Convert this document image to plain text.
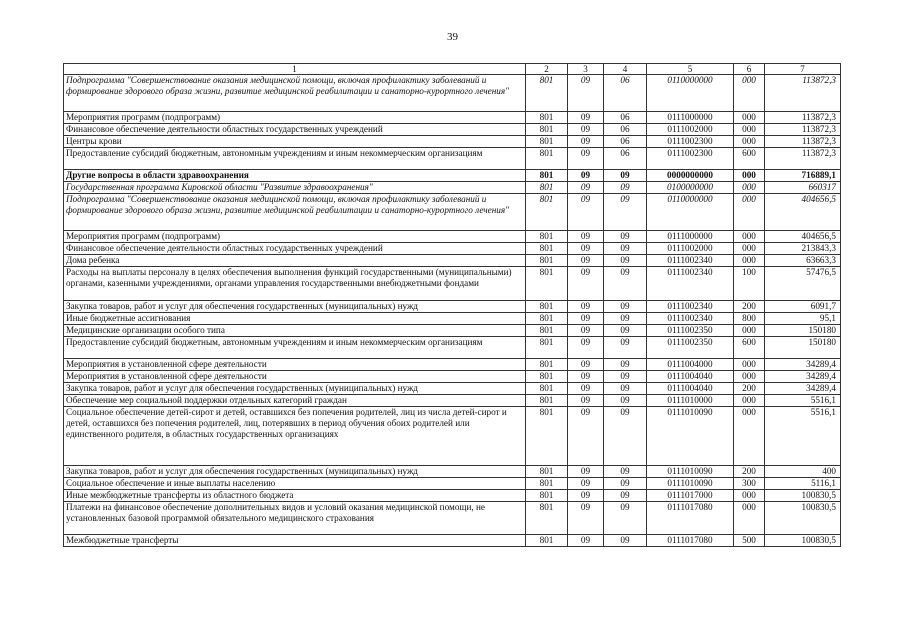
39
1	2	3	4	5	6	7
Подпрограмма "Совершенствование оказания медицинской помощи, включая профилактику заболеваний и формирование здорового образа жизни, развитие медицинской реабилитации и санаторно-курортного лечения"	801	09	06	0110000000	000	113872,3
Мероприятия программ (подпрограмм)	801	09	06	0111000000	000	113872,3
Финансовое обеспечение деятельности областных государственных учреждений	801	09	06	0111002000	000	113872,3
Центры крови	801	09	06	0111002300	000	113872,3
Предоставление субсидий бюджетным, автономным учреждениям и иным некоммерческим организациям	801	09	06	0111002300	600	113872,3
Другие вопросы в области здравоохранения	801	09	09	0000000000	000	716889,1
Государственная программа Кировской области "Развитие здравоохранения"	801	09	09	0100000000	000	660317
Подпрограмма "Совершенствование оказания медицинской помощи, включая профилактику заболеваний и формирование здорового образа жизни, развитие медицинской реабилитации и санаторно-курортного лечения"	801	09	09	0110000000	000	404656,5
Мероприятия программ (подпрограмм)	801	09	09	0111000000	000	404656,5
Финансовое обеспечение деятельности областных государственных учреждений	801	09	09	0111002000	000	213843,3
Дома ребенка	801	09	09	0111002340	000	63663,3
Расходы на выплаты персоналу в целях обеспечения выполнения функций государственными (муниципальными) органами, казенными учреждениями, органами управления государственными внебюджетными фондами	801	09	09	0111002340	100	57476,5
Закупка товаров, работ и услуг для обеспечения государственных (муниципальных) нужд	801	09	09	0111002340	200	6091,7
Иные бюджетные ассигнования	801	09	09	0111002340	800	95,1
Медицинские организации особого типа	801	09	09	0111002350	000	150180
Предоставление субсидий бюджетным, автономным учреждениям и иным некоммерческим организациям	801	09	09	0111002350	600	150180
Мероприятия в установленной сфере деятельности	801	09	09	0111004000	000	34289,4
Мероприятия в установленной сфере деятельности	801	09	09	0111004040	000	34289,4
Закупка товаров, работ и услуг для обеспечения государственных (муниципальных) нужд	801	09	09	0111004040	200	34289,4
Обеспечение мер социальной поддержки отдельных категорий граждан	801	09	09	0111010000	000	5516,1
Социальное обеспечение детей-сирот и детей, оставшихся без попечения родителей, лиц из числа детей-сирот и детей, оставшихся без попечения родителей, лиц, потерявших в период обучения обоих родителей или единственного родителя, в областных государственных организациях	801	09	09	0111010090	000	5516,1
Закупка товаров, работ и услуг для обеспечения государственных (муниципальных) нужд	801	09	09	0111010090	200	400
Социальное обеспечение и иные выплаты населению	801	09	09	0111010090	300	5116,1
Иные межбюджетные трансферты из областного бюджета	801	09	09	0111017000	000	100830,5
Платежи на финансовое обеспечение дополнительных видов и условий оказания медицинской помощи, не установленных базовой программой обязательного медицинского страхования	801	09	09	0111017080	000	100830,5
Межбюджетные трансферты	801	09	09	0111017080	500	100830,5
